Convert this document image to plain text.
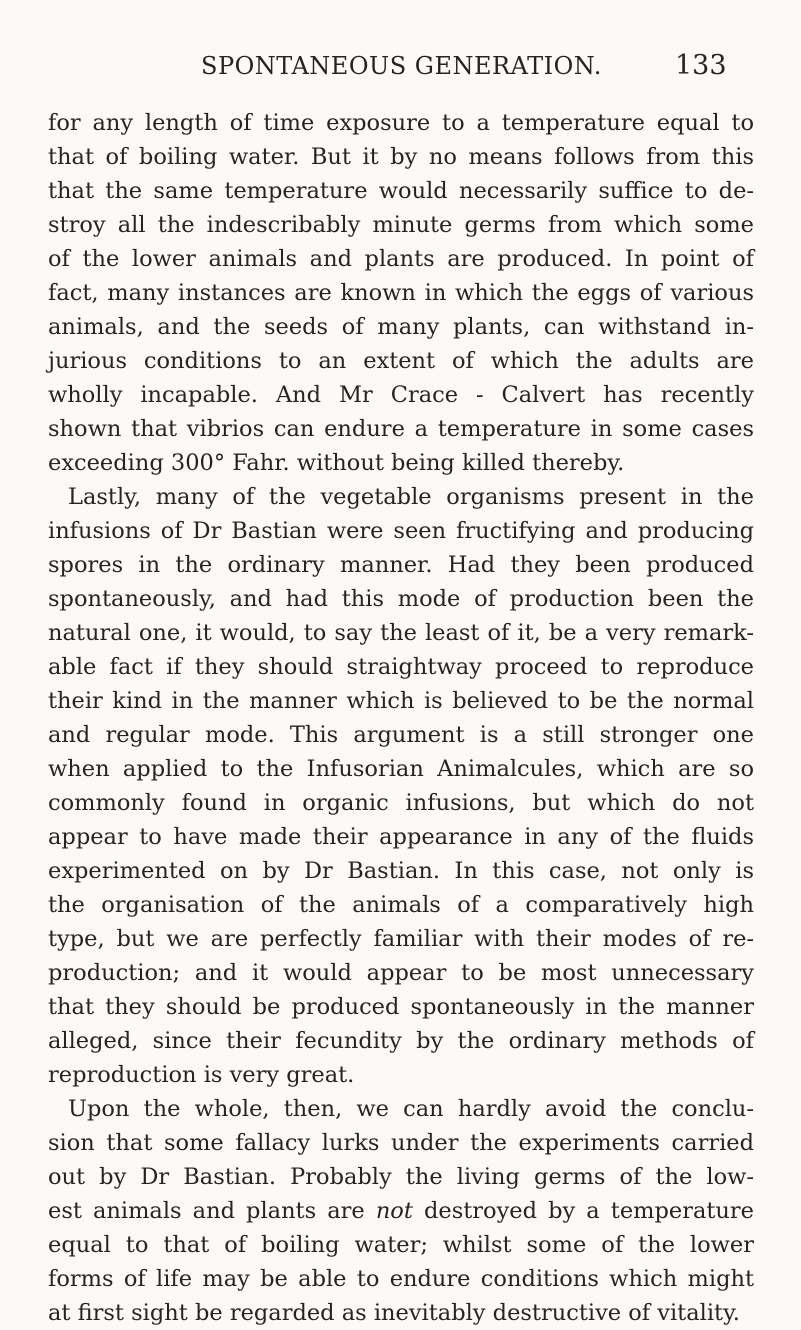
SPONTANEOUS GENERATION.	133
for any length of time exposure to a temperature equal to
that of boiling water. But it by no means follows from this
that the same temperature would necessarily suffice to de-
stroy all the indescribably minute germs from which some
of the lower animals and plants are produced. In point of
fact, many instances are known in which the eggs of various
animals, and the seeds of many plants, can withstand in-
jurious conditions to an extent of which the adults are
wholly incapable. And Mr Crace - Calvert has recently
shown that vibrios can endure a temperature in some cases
exceeding 300° Fahr. without being killed thereby.
Lastly, many of the vegetable organisms present in the
infusions of Dr Bastian were seen fructifying and producing
spores in the ordinary manner. Had they been produced
spontaneously, and had this mode of production been the
natural one, it would, to say the least of it, be a very remark-
able fact if they should straightway proceed to reproduce
their kind in the manner which is believed to be the normal
and regular mode. This argument is a still stronger one
when applied to the Infusorian Animalcules, which are so
commonly found in organic infusions, but which do not
appear to have made their appearance in any of the fluids
experimented on by Dr Bastian. In this case, not only is
the organisation of the animals of a comparatively high
type, but we are perfectly familiar with their modes of re-
production; and it would appear to be most unnecessary
that they should be produced spontaneously in the manner
alleged, since their fecundity by the ordinary methods of
reproduction is very great.
Upon the whole, then, we can hardly avoid the conclu-
sion that some fallacy lurks under the experiments carried
out by Dr Bastian. Probably the living germs of the low-
est animals and plants are not destroyed by a temperature
equal to that of boiling water; whilst some of the lower
forms of life may be able to endure conditions which might
at first sight be regarded as inevitably destructive of vitality.
